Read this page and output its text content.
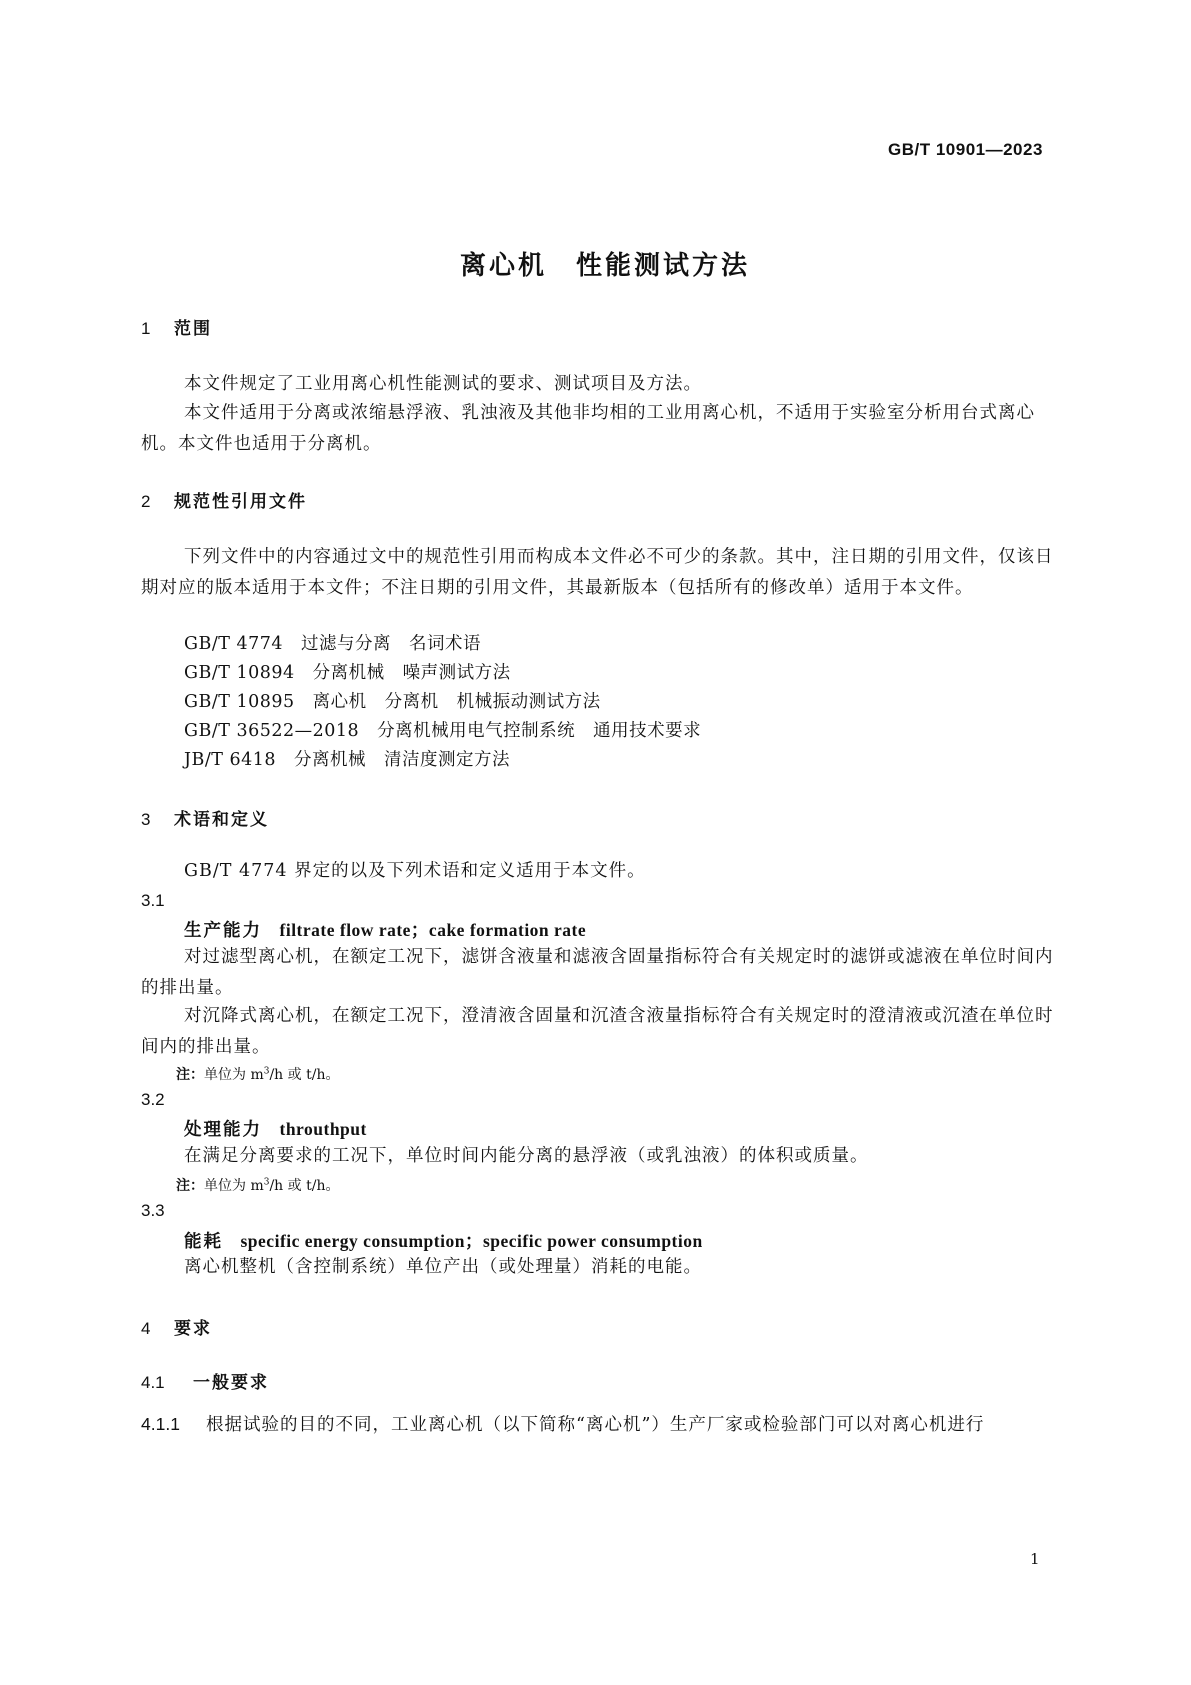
GB/T 10901—2023
离心机　性能测试方法
1 范围
本文件规定了工业用离心机性能测试的要求、测试项目及方法。
本文件适用于分离或浓缩悬浮液、乳浊液及其他非均相的工业用离心机，不适用于实验室分析用台式离心机。本文件也适用于分离机。
2 规范性引用文件
下列文件中的内容通过文中的规范性引用而构成本文件必不可少的条款。其中，注日期的引用文件，仅该日期对应的版本适用于本文件；不注日期的引用文件，其最新版本（包括所有的修改单）适用于本文件。
GB/T 4774　过滤与分离　名词术语
GB/T 10894　分离机械　噪声测试方法
GB/T 10895　离心机　分离机　机械振动测试方法
GB/T 36522—2018　分离机械用电气控制系统　通用技术要求
JB/T 6418　分离机械　清洁度测定方法
3 术语和定义
GB/T 4774 界定的以及下列术语和定义适用于本文件。
3.1
生产能力　 filtrate flow rate；cake formation rate
对过滤型离心机，在额定工况下，滤饼含液量和滤液含固量指标符合有关规定时的滤饼或滤液在单位时间内的排出量。
对沉降式离心机，在额定工况下，澄清液含固量和沉渣含液量指标符合有关规定时的澄清液或沉渣在单位时间内的排出量。
注：单位为 $m^3/h$ 或 t/h。
3.2
处理能力　 throuthput
在满足分离要求的工况下，单位时间内能分离的悬浮液（或乳浊液）的体积或质量。
注：单位为 $m^3/h$ 或 t/h。
3.3
能耗　 specific energy consumption；specific power consumption
离心机整机（含控制系统）单位产出（或处理量）消耗的电能。
4 要求
4.1 一般要求
4.1.1 根据试验的目的不同，工业离心机（以下简称“离心机”）生产厂家或检验部门可以对离心机进行
1
